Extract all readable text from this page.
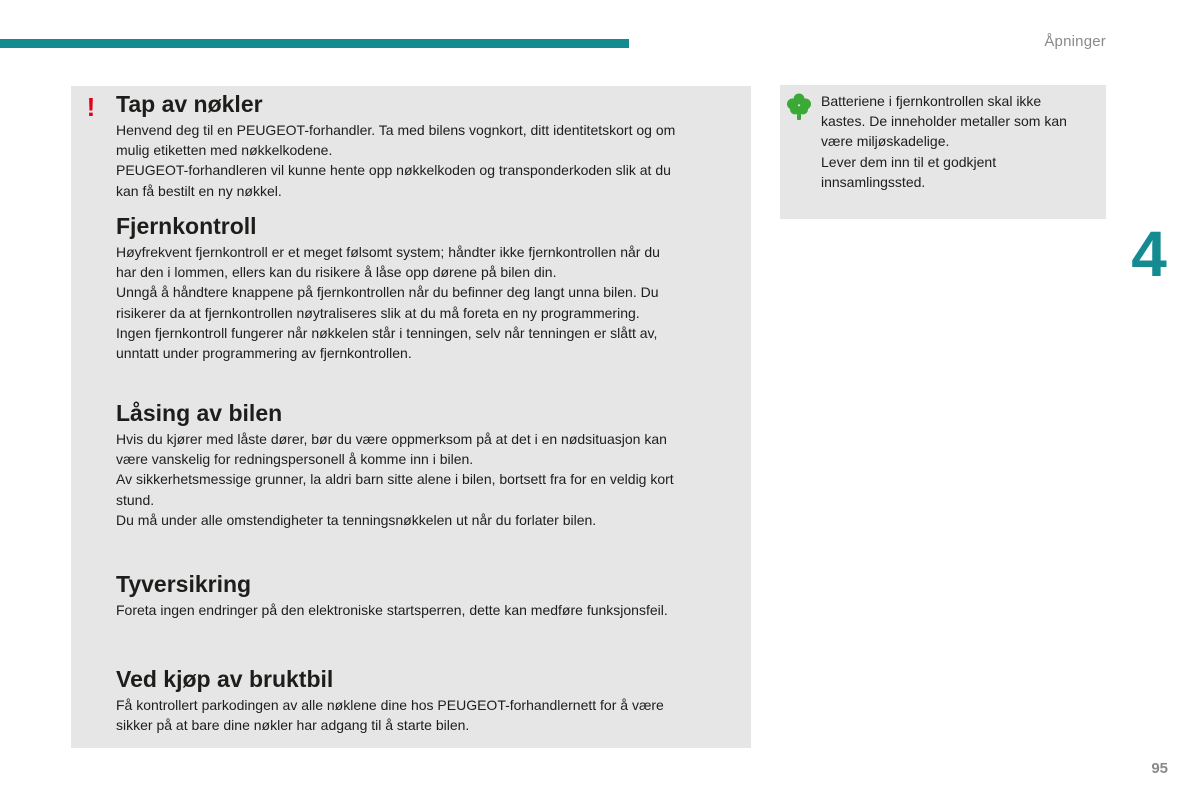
Åpninger
4
! Tap av nøkler

Henvend deg til en PEUGEOT-forhandler. Ta med bilens vognkort, ditt identitetskort og om

mulig etiketten med nøkkelkodene.

PEUGEOT-forhandleren vil kunne hente opp nøkkelkoden og transponderkoden slik at du

kan få bestilt en ny nøkkel.

Fjernkontroll

Høyfrekvent fjernkontroll er et meget følsomt system; håndter ikke fjernkontrollen når du

har den i lommen, ellers kan du risikere å låse opp dørene på bilen din.

Unngå å håndtere knappene på fjernkontrollen når du befinner deg langt unna bilen. Du

risikerer da at fjernkontrollen nøytraliseres slik at du må foreta en ny programmering.

Ingen fjernkontroll fungerer når nøkkelen står i tenningen, selv når tenningen er slått av,

unntatt under programmering av fjernkontrollen.

Låsing av bilen

Hvis du kjører med låste dører, bør du være oppmerksom på at det i en nødsituasjon kan

være vanskelig for redningspersonell å komme inn i bilen.

Av sikkerhetsmessige grunner, la aldri barn sitte alene i bilen, bortsett fra for en veldig kort

stund.

Du må under alle omstendigheter ta tenningsnøkkelen ut når du forlater bilen.

Tyversikring

Foreta ingen endringer på den elektroniske startsperren, dette kan medføre funksjonsfeil.

Ved kjøp av bruktbil

Få kontrollert parkodingen av alle nøklene dine hos PEUGEOT-forhandlernett for å være

sikker på at bare dine nøkler har adgang til å starte bilen.

Batteriene i fjernkontrollen skal ikke

kastes. De inneholder metaller som kan

være miljøskadelige.

Lever dem inn til et godkjent

innsamlingssted.

95
